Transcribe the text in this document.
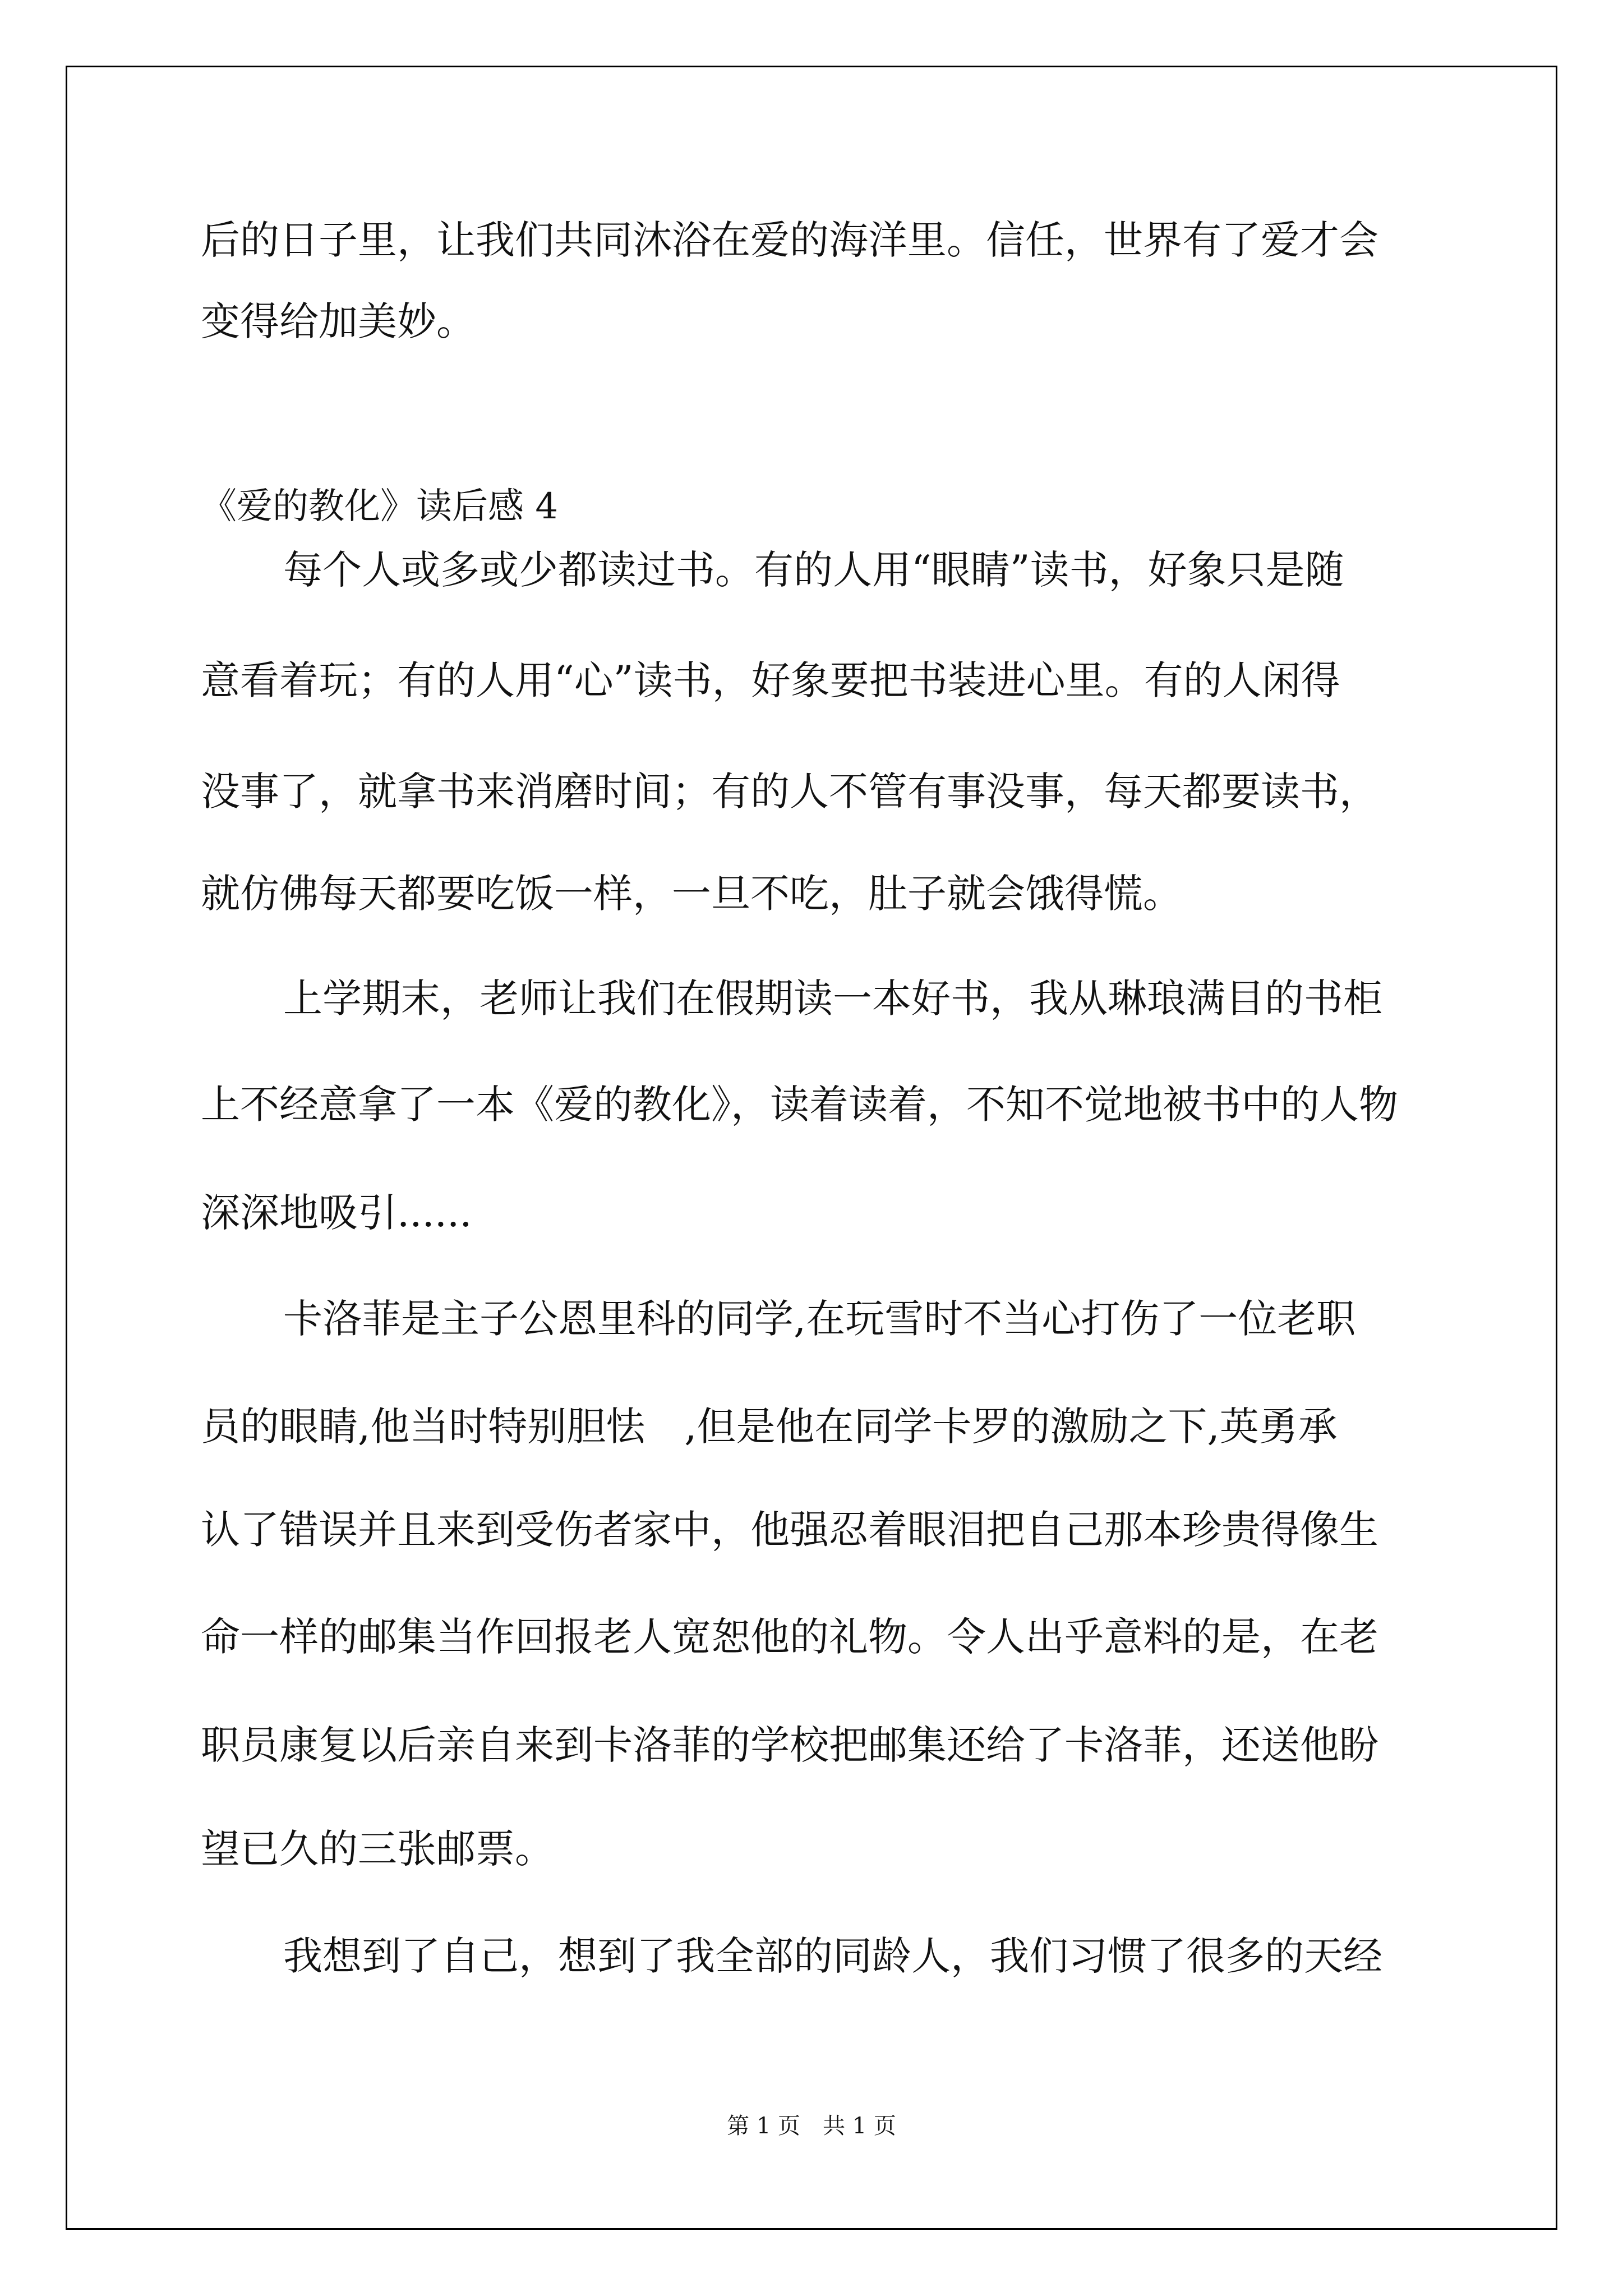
后的日子里，让我们共同沐浴在爱的海洋里。信任，世界有了爱才会

变得给加美妙。

《爱的教化》读后感 4

每个人或多或少都读过书。有的人用“眼睛”读书，好象只是随

意看着玩；有的人用“心”读书，好象要把书装进心里。有的人闲得

没事了，就拿书来消磨时间；有的人不管有事没事，每天都要读书，

就仿佛每天都要吃饭一样，一旦不吃，肚子就会饿得慌。

上学期末，老师让我们在假期读一本好书，我从琳琅满目的书柜

上不经意拿了一本《爱的教化》，读着读着，不知不觉地被书中的人物

深深地吸引......

卡洛菲是主子公恩里科的同学,在玩雪时不当心打伤了一位老职

员的眼睛,他当时特别胆怯　,但是他在同学卡罗的激励之下,英勇承

认了错误并且来到受伤者家中，他强忍着眼泪把自己那本珍贵得像生

命一样的邮集当作回报老人宽恕他的礼物。令人出乎意料的是，在老

职员康复以后亲自来到卡洛菲的学校把邮集还给了卡洛菲，还送他盼

望已久的三张邮票。

我想到了自己，想到了我全部的同龄人，我们习惯了很多的天经

第 1 页　共 1 页
